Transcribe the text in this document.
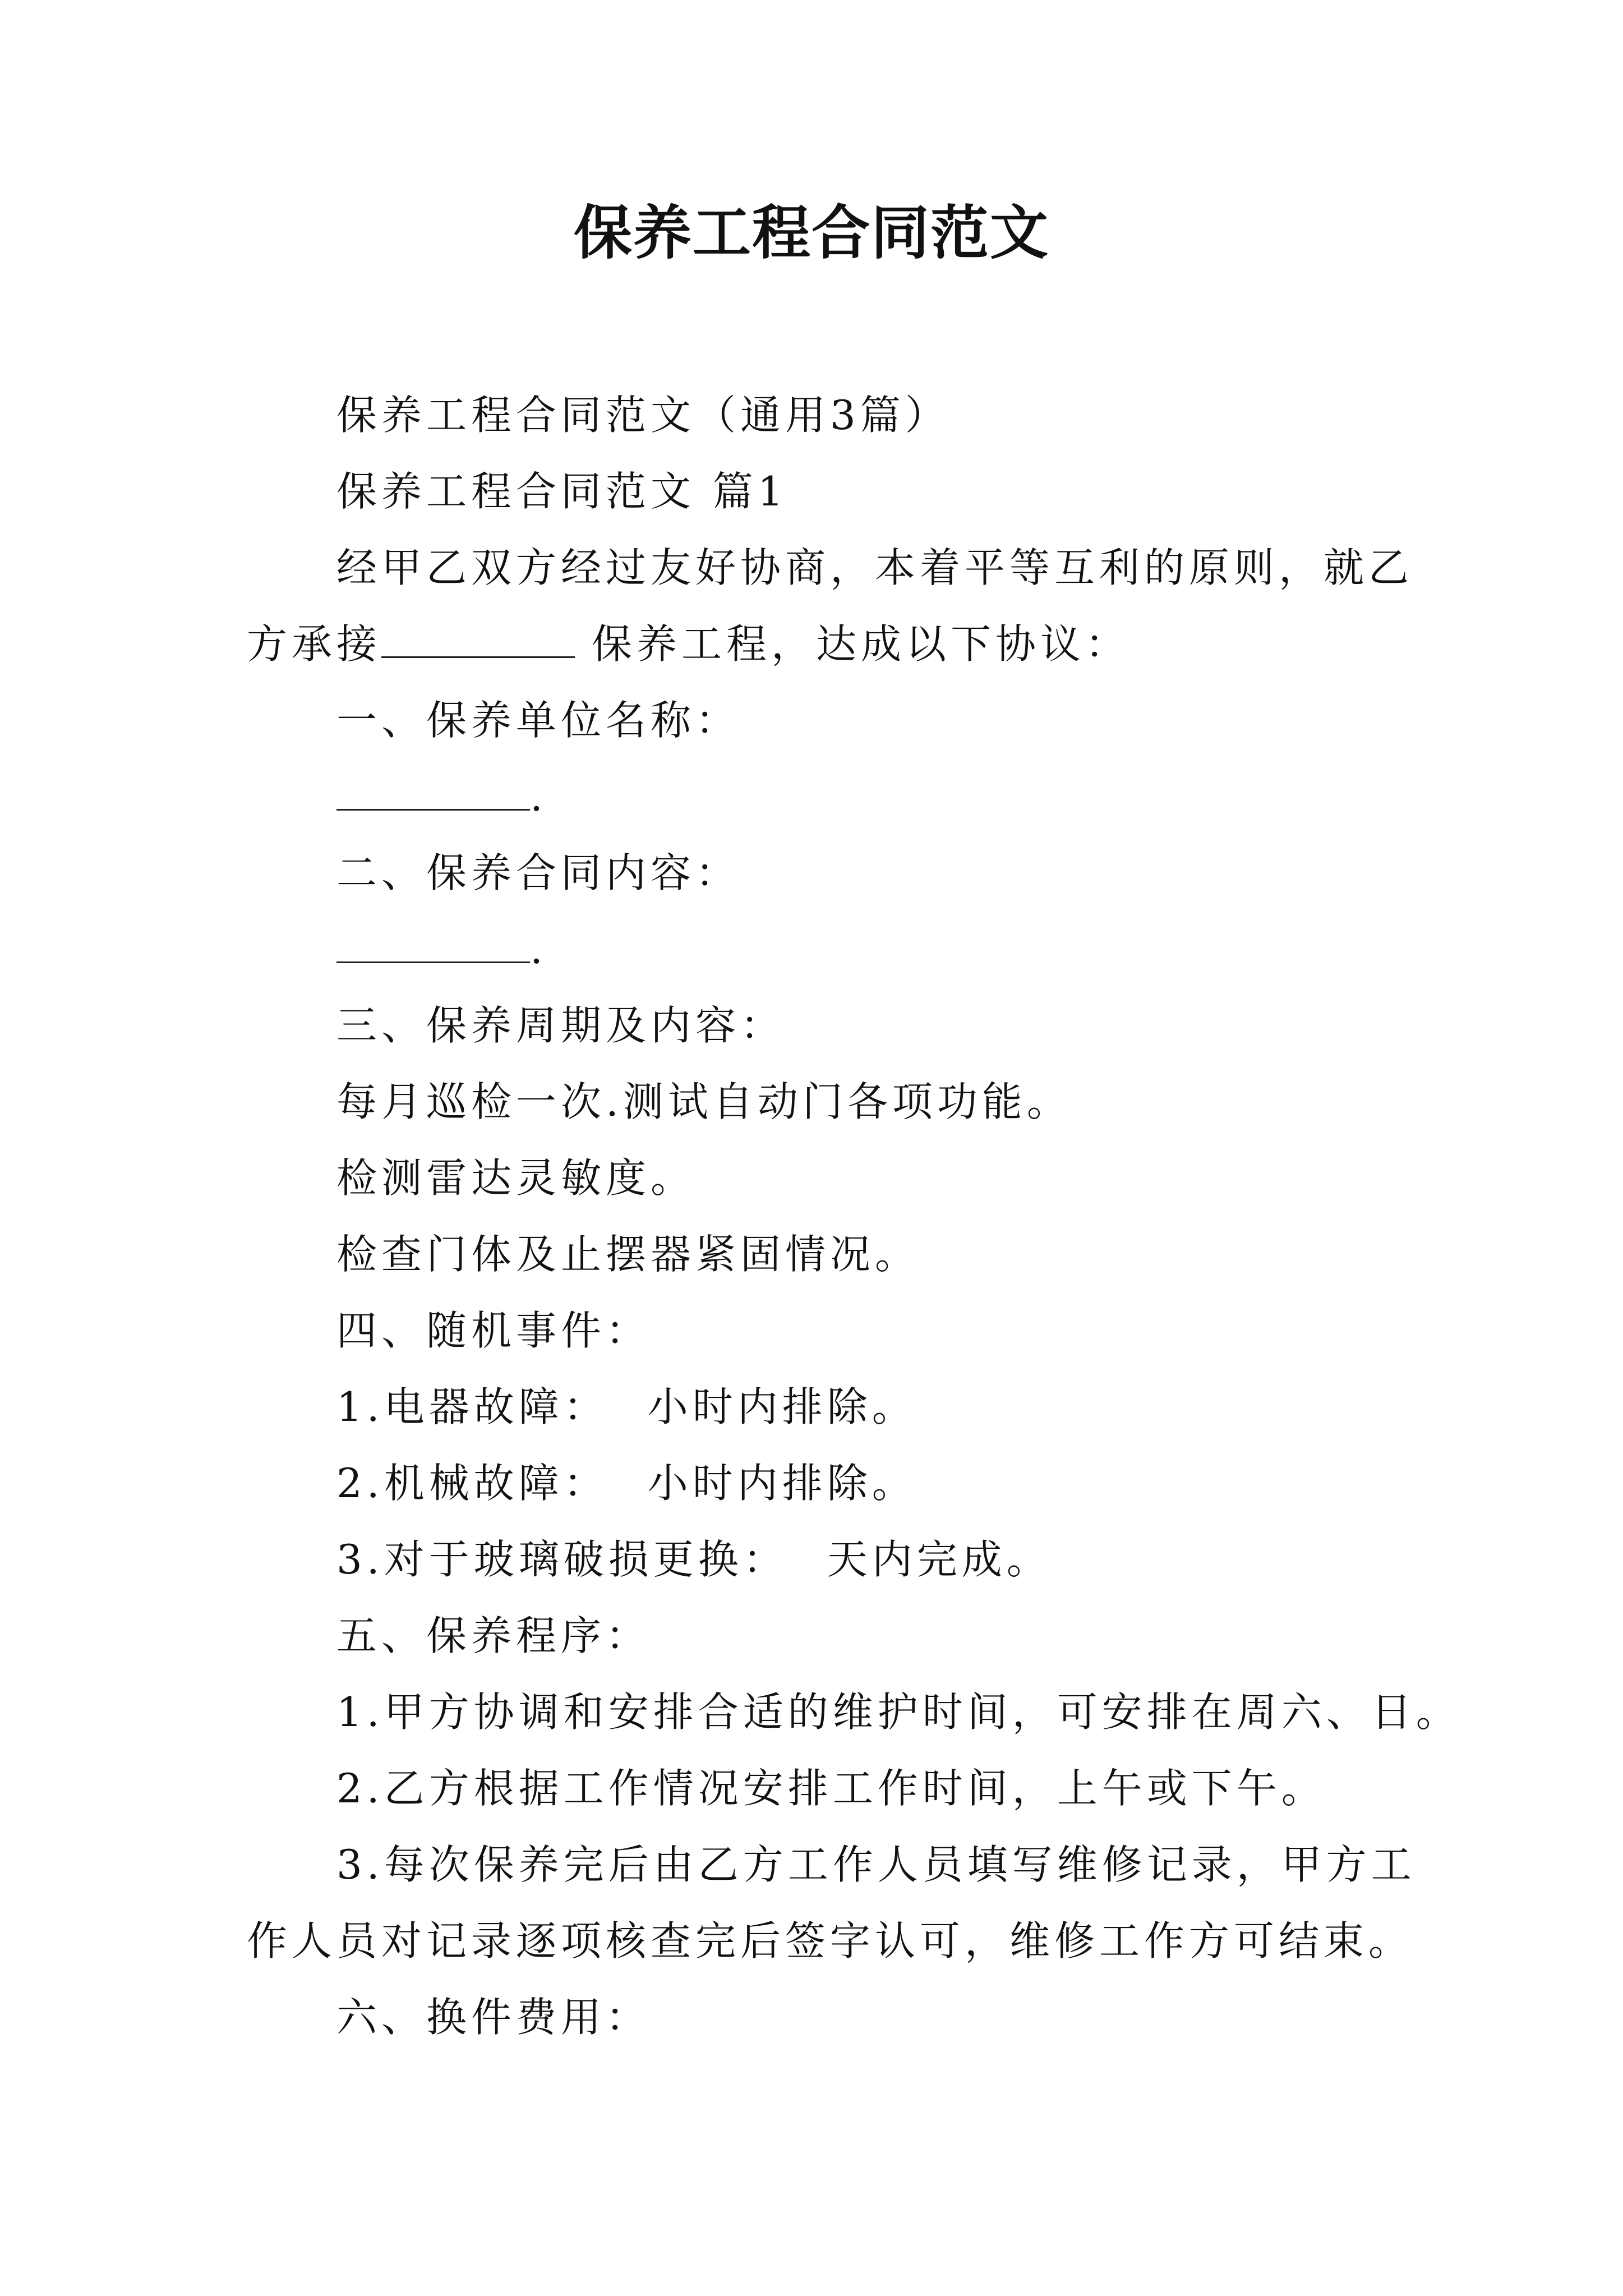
保养工程合同范文
保养工程合同范文（通用3篇）
保养工程合同范文 篇1
经甲乙双方经过友好协商，本着平等互利的原则，就乙
方承接	保养工程，达成以下协议：
一、保养单位名称：
.
二、保养合同内容：
.
三、保养周期及内容：
每月巡检一次.测试自动门各项功能。
检测雷达灵敏度。
检查门体及止摆器紧固情况。
四、随机事件：
1.电器故障： 小时内排除。
2.机械故障： 小时内排除。
3.对于玻璃破损更换： 天内完成。
五、保养程序：
1.甲方协调和安排合适的维护时间，可安排在周六、日。
2.乙方根据工作情况安排工作时间，上午或下午。
3.每次保养完后由乙方工作人员填写维修记录，甲方工
作人员对记录逐项核查完后签字认可，维修工作方可结束。
六、换件费用：
